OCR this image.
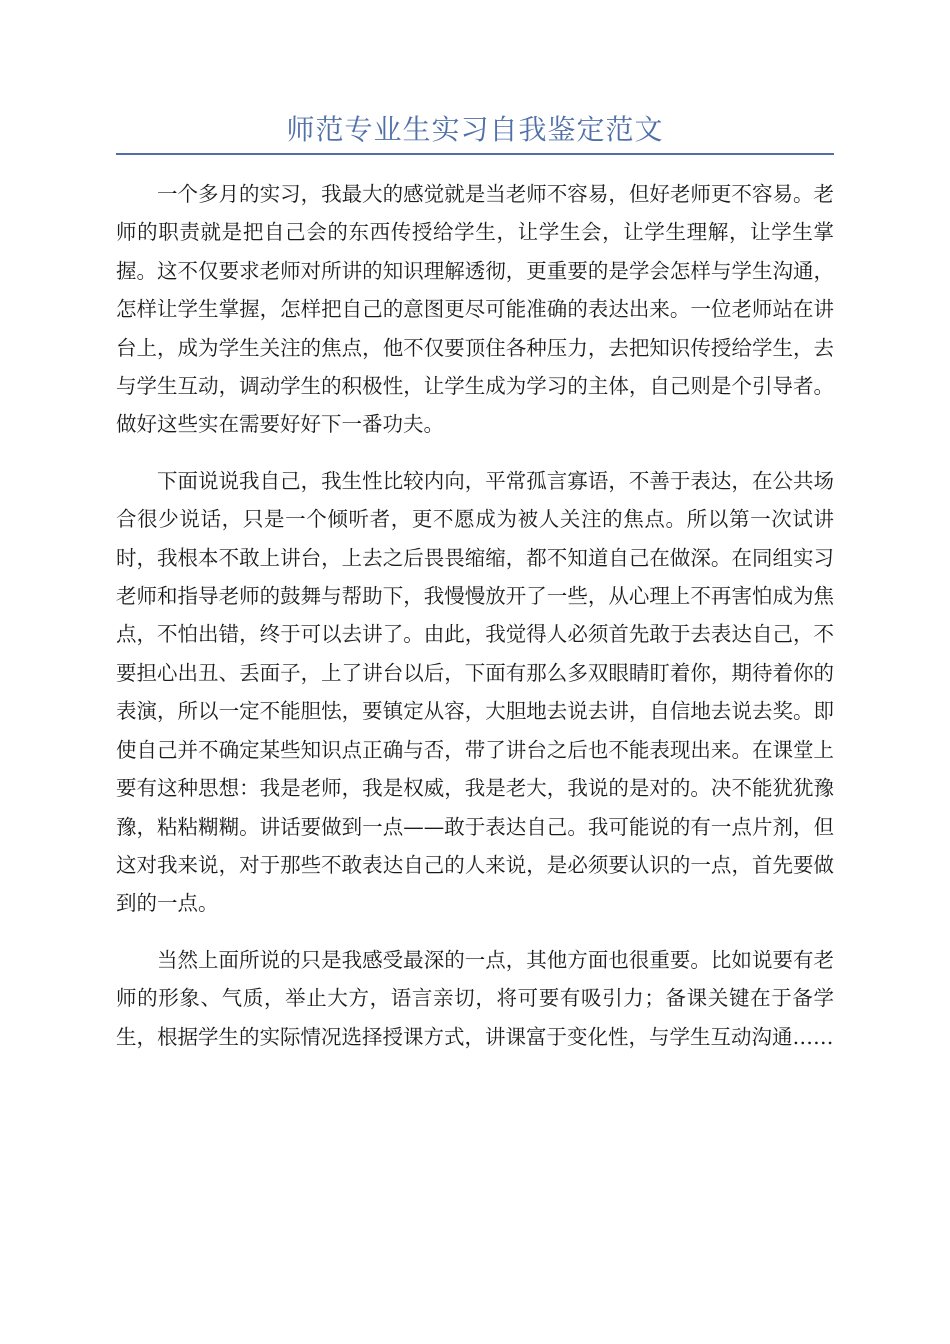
师范专业生实习自我鉴定范文

一个多月的实习，我最大的感觉就是当老师不容易，但好老师更不容易。老师的职责就是把自己会的东西传授给学生，让学生会，让学生理解，让学生掌握。这不仅要求老师对所讲的知识理解透彻，更重要的是学会怎样与学生沟通，怎样让学生掌握，怎样把自己的意图更尽可能准确的表达出来。一位老师站在讲台上，成为学生关注的焦点，他不仅要顶住各种压力，去把知识传授给学生，去与学生互动，调动学生的积极性，让学生成为学习的主体，自己则是个引导者。做好这些实在需要好好下一番功夫。

下面说说我自己，我生性比较内向，平常孤言寡语，不善于表达，在公共场合很少说话，只是一个倾听者，更不愿成为被人关注的焦点。所以第一次试讲时，我根本不敢上讲台，上去之后畏畏缩缩，都不知道自己在做深。在同组实习老师和指导老师的鼓舞与帮助下，我慢慢放开了一些，从心理上不再害怕成为焦点，不怕出错，终于可以去讲了。由此，我觉得人必须首先敢于去表达自己，不要担心出丑、丢面子，上了讲台以后，下面有那么多双眼睛盯着你，期待着你的表演，所以一定不能胆怯，要镇定从容，大胆地去说去讲，自信地去说去奖。即使自己并不确定某些知识点正确与否，带了讲台之后也不能表现出来。在课堂上要有这种思想：我是老师，我是权威，我是老大，我说的是对的。决不能犹犹豫豫，粘粘糊糊。讲话要做到一点——敢于表达自己。我可能说的有一点片剂，但这对我来说，对于那些不敢表达自己的人来说，是必须要认识的一点，首先要做到的一点。

当然上面所说的只是我感受最深的一点，其他方面也很重要。比如说要有老师的形象、气质，举止大方，语言亲切，将可要有吸引力；备课关键在于备学生，根据学生的实际情况选择授课方式，讲课富于变化性，与学生互动沟通……
